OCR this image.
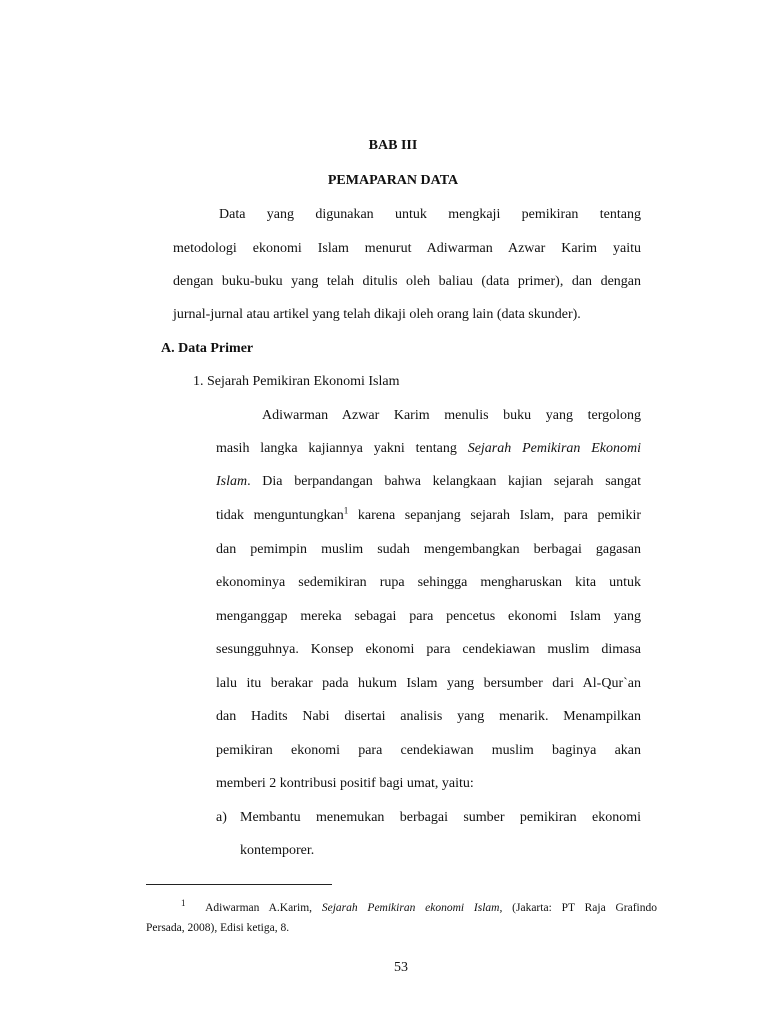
BAB III

PEMAPARAN DATA

Data yang digunakan untuk mengkaji pemikiran tentang

metodologi ekonomi Islam menurut Adiwarman Azwar Karim yaitu

dengan buku-buku yang telah ditulis oleh baliau (data primer), dan dengan

jurnal-jurnal atau artikel yang telah dikaji oleh orang lain (data skunder).

A. Data Primer

1. Sejarah Pemikiran Ekonomi Islam

Adiwarman Azwar Karim menulis buku yang tergolong

masih langka kajiannya yakni tentang Sejarah Pemikiran Ekonomi

Islam. Dia berpandangan bahwa kelangkaan kajian sejarah sangat

tidak menguntungkan$^1$ karena sepanjang sejarah Islam, para pemikir

dan pemimpin muslim sudah mengembangkan berbagai gagasan

ekonominya sedemikiran rupa sehingga mengharuskan kita untuk

menganggap mereka sebagai para pencetus ekonomi Islam yang

sesungguhnya. Konsep ekonomi para cendekiawan muslim dimasa

lalu itu berakar pada hukum Islam yang bersumber dari Al-Qur`an

dan Hadits Nabi disertai analisis yang menarik. Menampilkan

pemikiran ekonomi para cendekiawan muslim baginya akan

memberi 2 kontribusi positif bagi umat, yaitu:

a) Membantu menemukan berbagai sumber pemikiran ekonomi

kontemporer.

$^1$ Adiwarman A.Karim, Sejarah Pemikiran ekonomi Islam, (Jakarta: PT Raja Grafindo

Persada, 2008), Edisi ketiga, 8.

53
